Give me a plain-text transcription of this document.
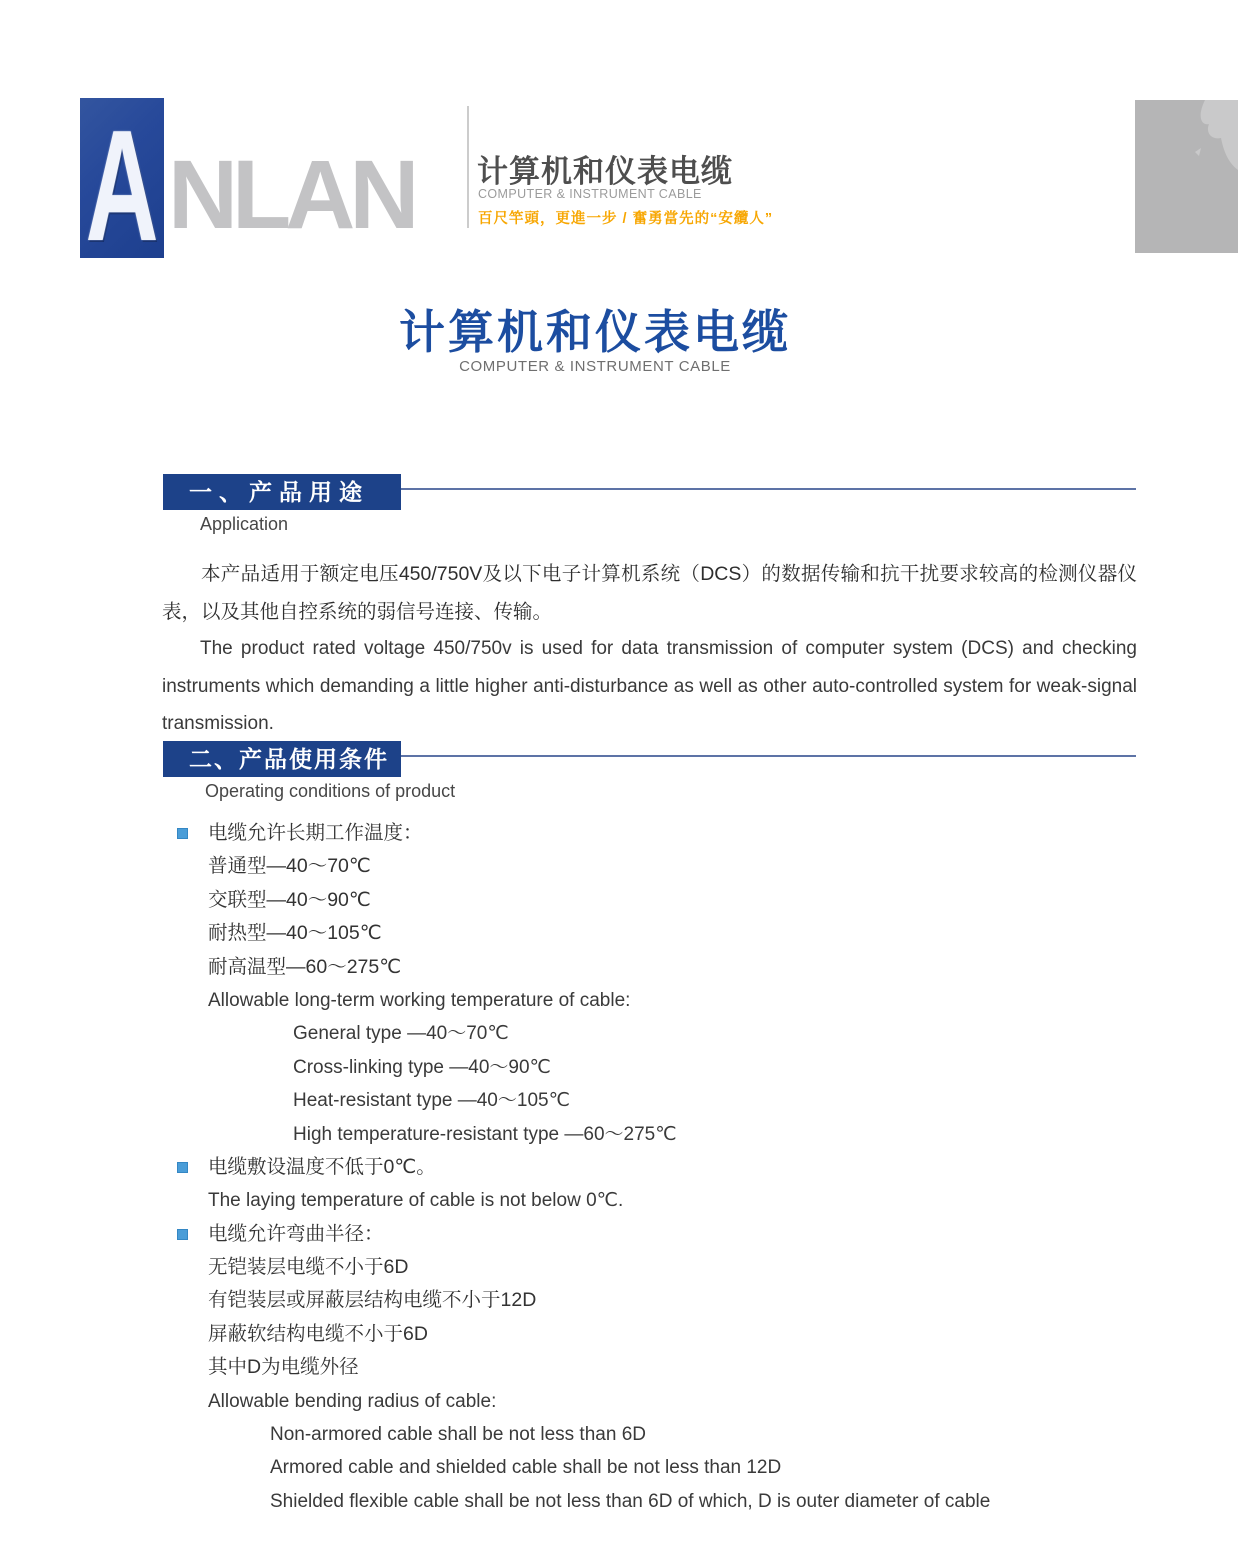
A NLAN 计算机和仪表电缆
COMPUTER & INSTRUMENT CABLE
百尺竿頭，更進一步 / 奮勇當先的“安纜人”
计算机和仪表电缆
COMPUTER & INSTRUMENT CABLE
一、产品用途
Application
本产品适用于额定电压450/750V及以下电子计算机系统（DCS）的数据传输和抗干扰要求较高的检测仪器仪表，以及其他自控系统的弱信号连接、传输。
The product rated voltage 450/750v is used for data transmission of computer system (DCS) and checking instruments which demanding a little higher anti-disturbance as well as other auto-controlled system for weak-signal transmission.
二、产品使用条件
Operating conditions of product
电缆允许长期工作温度：
普通型—40～70℃
交联型—40～90℃
耐热型—40～105℃
耐高温型—60～275℃
Allowable long-term working temperature of cable:
General type —40～70℃
Cross-linking type —40～90℃
Heat-resistant type —40～105℃
High temperature-resistant type —60～275℃
电缆敷设温度不低于0℃。
The laying temperature of cable is not below 0℃.
电缆允许弯曲半径：
无铠装层电缆不小于6D
有铠装层或屏蔽层结构电缆不小于12D
屏蔽软结构电缆不小于6D
其中D为电缆外径
Allowable bending radius of cable:
Non-armored cable shall be not less than 6D
Armored cable and shielded cable shall be not less than 12D
Shielded flexible cable shall be not less than 6D of which, D is outer diameter of cable
